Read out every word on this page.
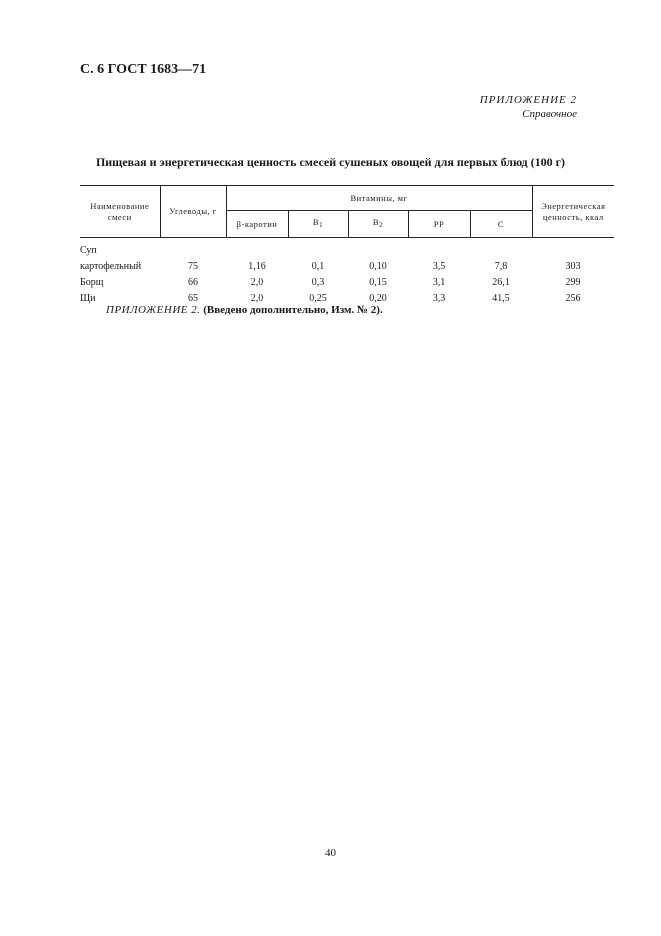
С. 6 ГОСТ 1683—71
ПРИЛОЖЕНИЕ 2
Справочное
Пищевая и энергетическая ценность смесей сушеных овощей для первых блюд (100 г)
Наименование смеси	Углеводы, г	Витамины, мг					Энергетическая ценность, ккал
		β-каротин	$B_1$	$B_2$	PP	C	
Суп							
картофельный	75	1,16	0,1	0,10	3,5	7,8	303
Борщ	66	2,0	0,3	0,15	3,1	26,1	299
Щи	65	2,0	0,25	0,20	3,3	41,5	256
ПРИЛОЖЕНИЕ 2. (Введено дополнительно, Изм. № 2).
40
